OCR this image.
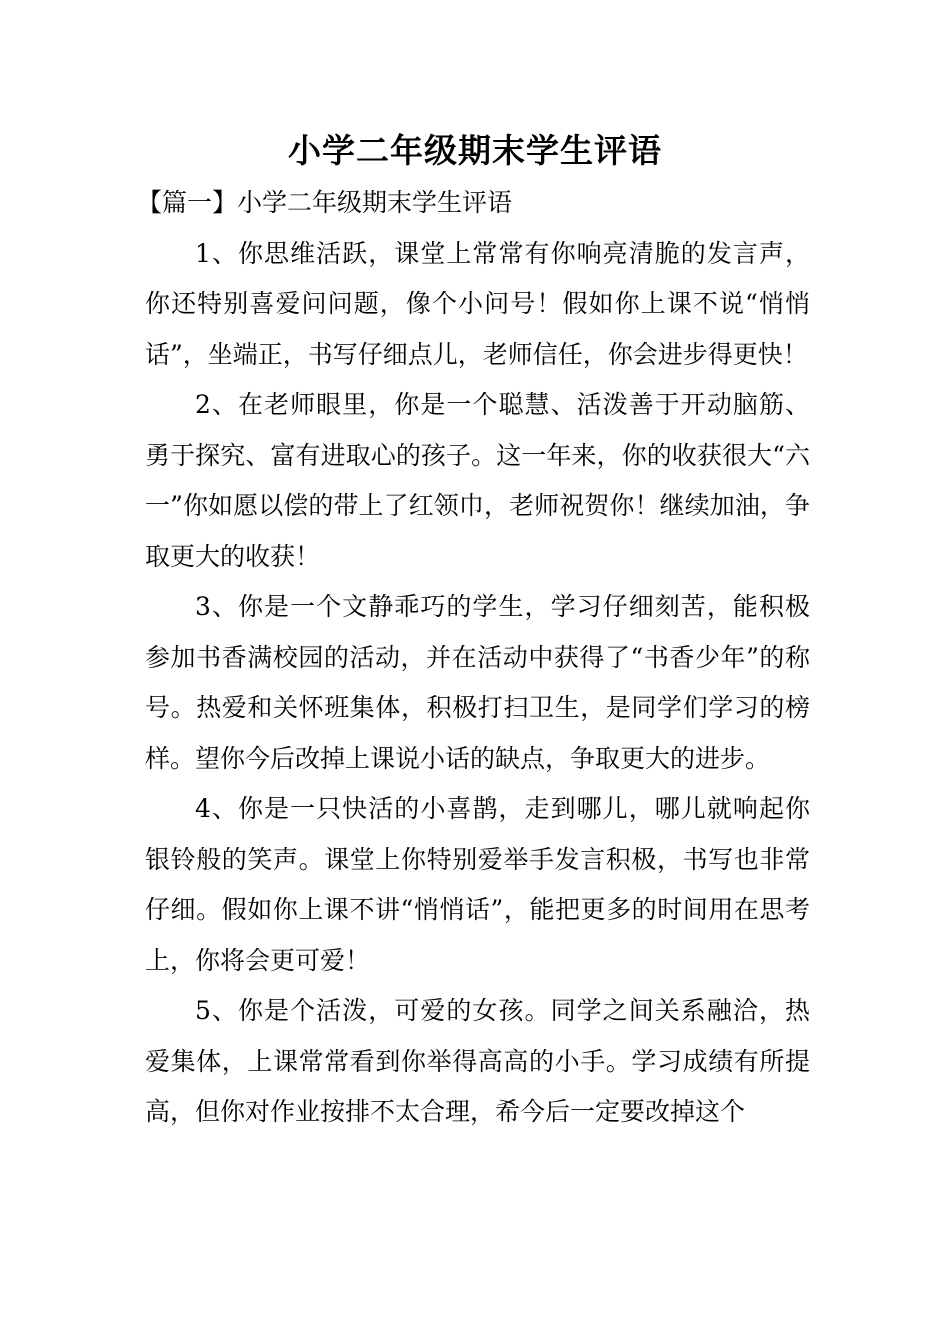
小学二年级期末学生评语
【篇一】小学二年级期末学生评语

1、你思维活跃，课堂上常常有你响亮清脆的发言声，你还特别喜爱问问题，像个小问号！假如你上课不说“悄悄话”，坐端正，书写仔细点儿，老师信任，你会进步得更快！

2、在老师眼里，你是一个聪慧、活泼善于开动脑筋、勇于探究、富有进取心的孩子。这一年来，你的收获很大“六一”你如愿以偿的带上了红领巾，老师祝贺你！继续加油，争取更大的收获！

3、你是一个文静乖巧的学生，学习仔细刻苦，能积极参加书香满校园的活动，并在活动中获得了“书香少年”的称号。热爱和关怀班集体，积极打扫卫生，是同学们学习的榜样。望你今后改掉上课说小话的缺点，争取更大的进步。

4、你是一只快活的小喜鹊，走到哪儿，哪儿就响起你银铃般的笑声。课堂上你特别爱举手发言积极，书写也非常仔细。假如你上课不讲“悄悄话”，能把更多的时间用在思考上，你将会更可爱！

5、你是个活泼，可爱的女孩。同学之间关系融洽，热爱集体，上课常常看到你举得高高的小手。学习成绩有所提高，但你对作业按排不太合理，希今后一定要改掉这个
